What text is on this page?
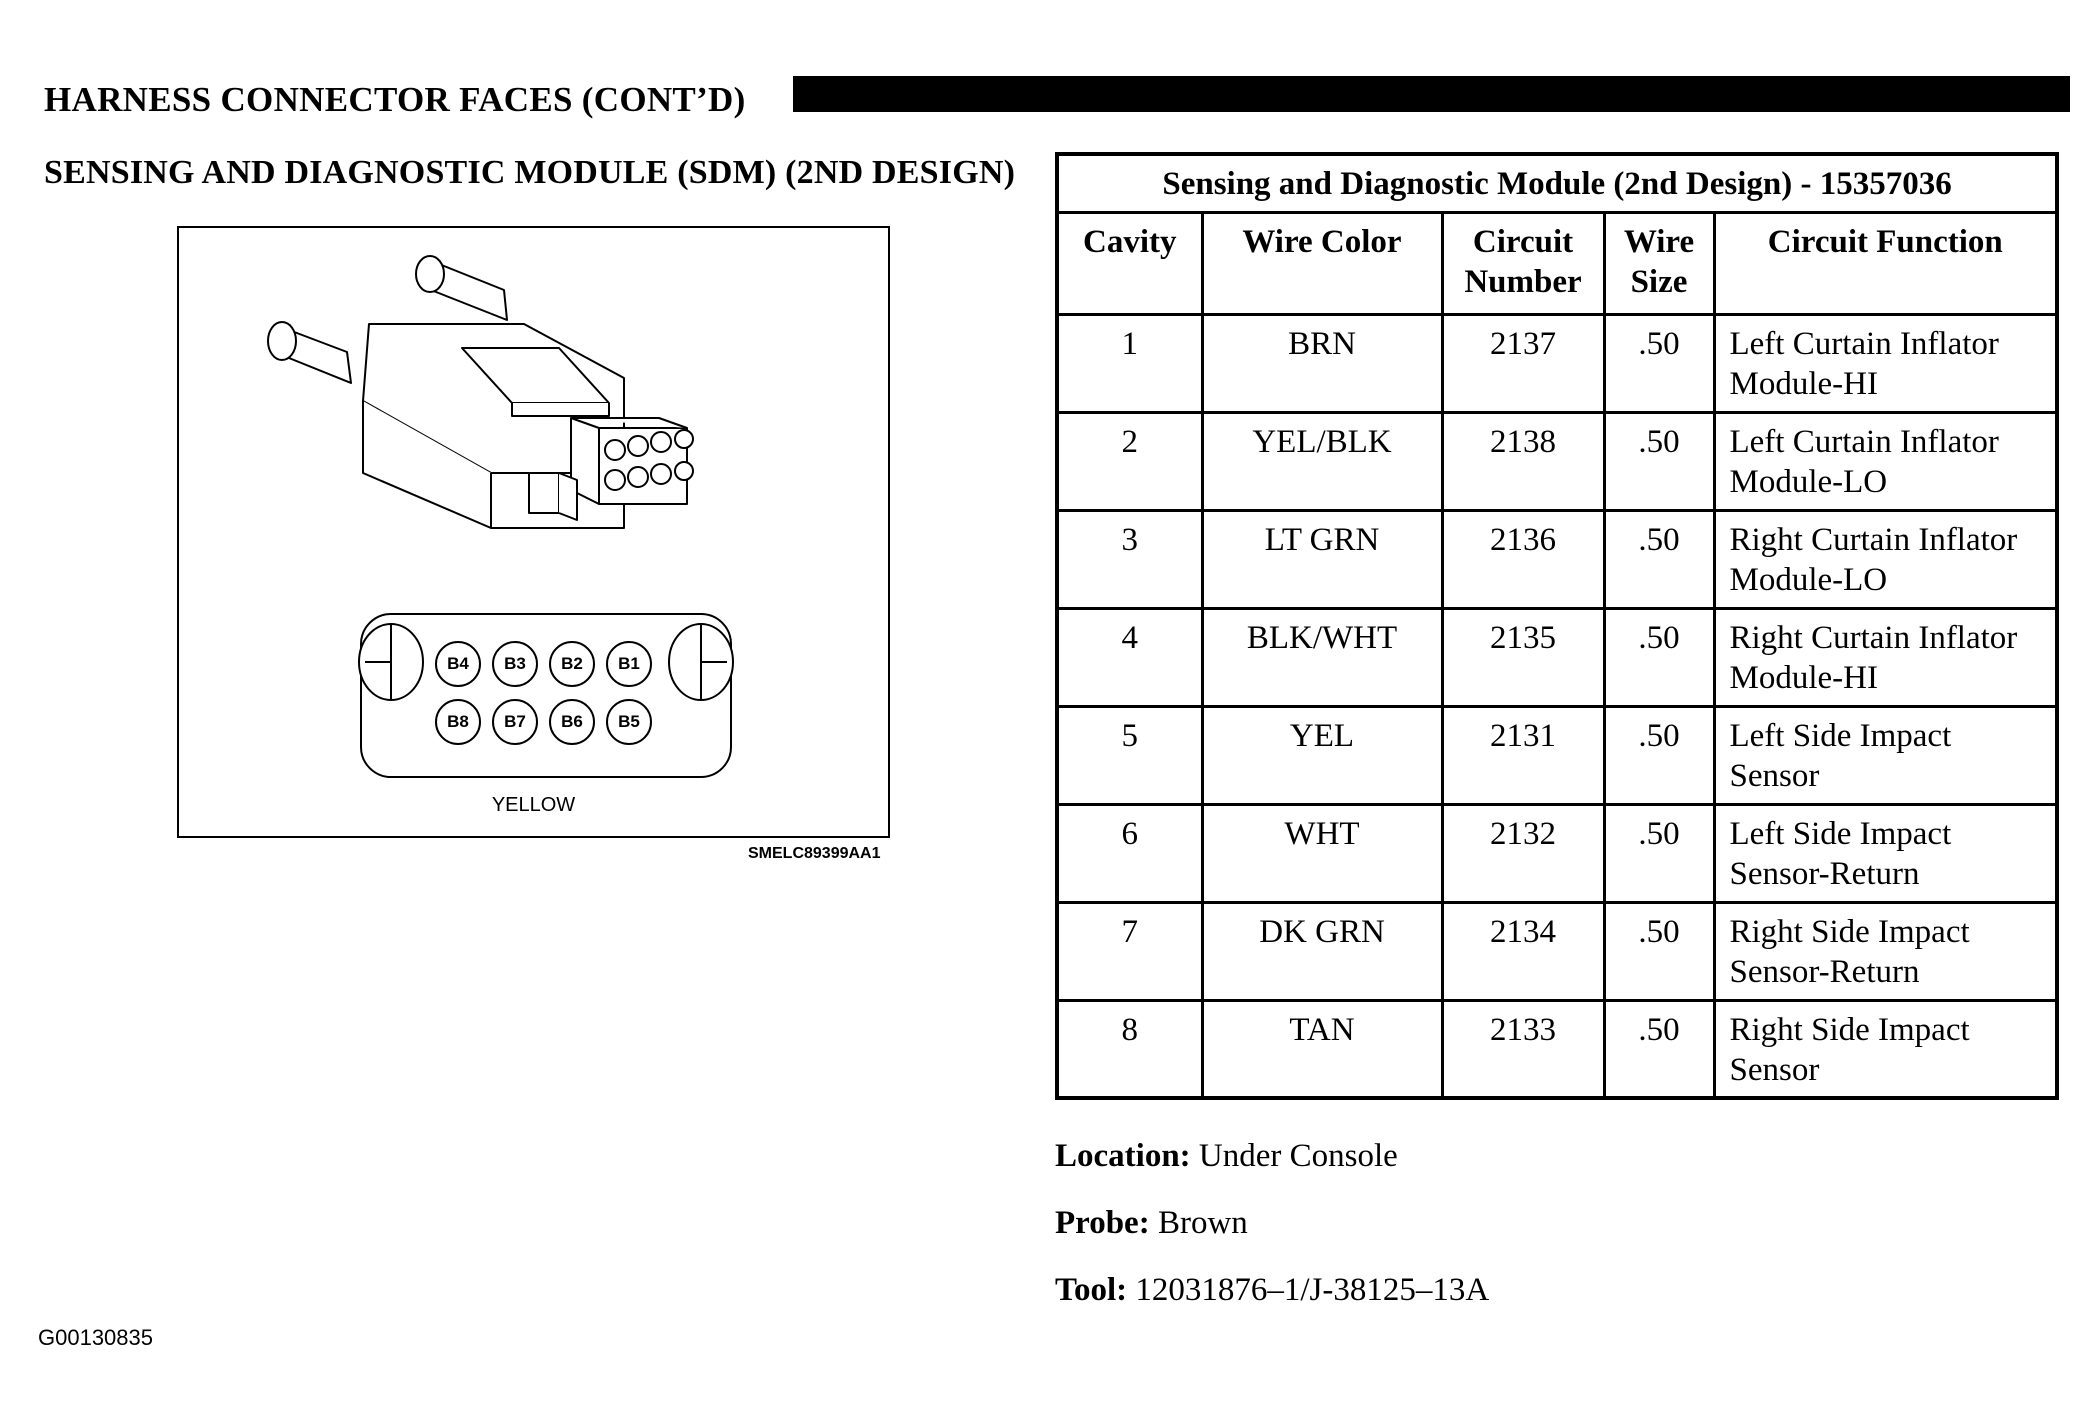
HARNESS CONNECTOR FACES (CONT’D)
SENSING AND DIAGNOSTIC MODULE (SDM) (2ND DESIGN)
B4	B3	B2	B1
B8	B7	B6	B5
YELLOW
SMELC89399AA1
Sensing and Diagnostic Module (2nd Design) - 15357036				
Cavity	Wire Color	Circuit Number	Wire Size	Circuit Function
1	BRN	2137	.50	Left Curtain Inflator Module-HI
2	YEL/BLK	2138	.50	Left Curtain Inflator Module-LO
3	LT GRN	2136	.50	Right Curtain Inflator Module-LO
4	BLK/WHT	2135	.50	Right Curtain Inflator Module-HI
5	YEL	2131	.50	Left Side Impact Sensor
6	WHT	2132	.50	Left Side Impact Sensor-Return
7	DK GRN	2134	.50	Right Side Impact Sensor-Return
8	TAN	2133	.50	Right Side Impact Sensor
Location: Under Console
Probe: Brown
Tool: 12031876–1/J-38125–13A
G00130835
